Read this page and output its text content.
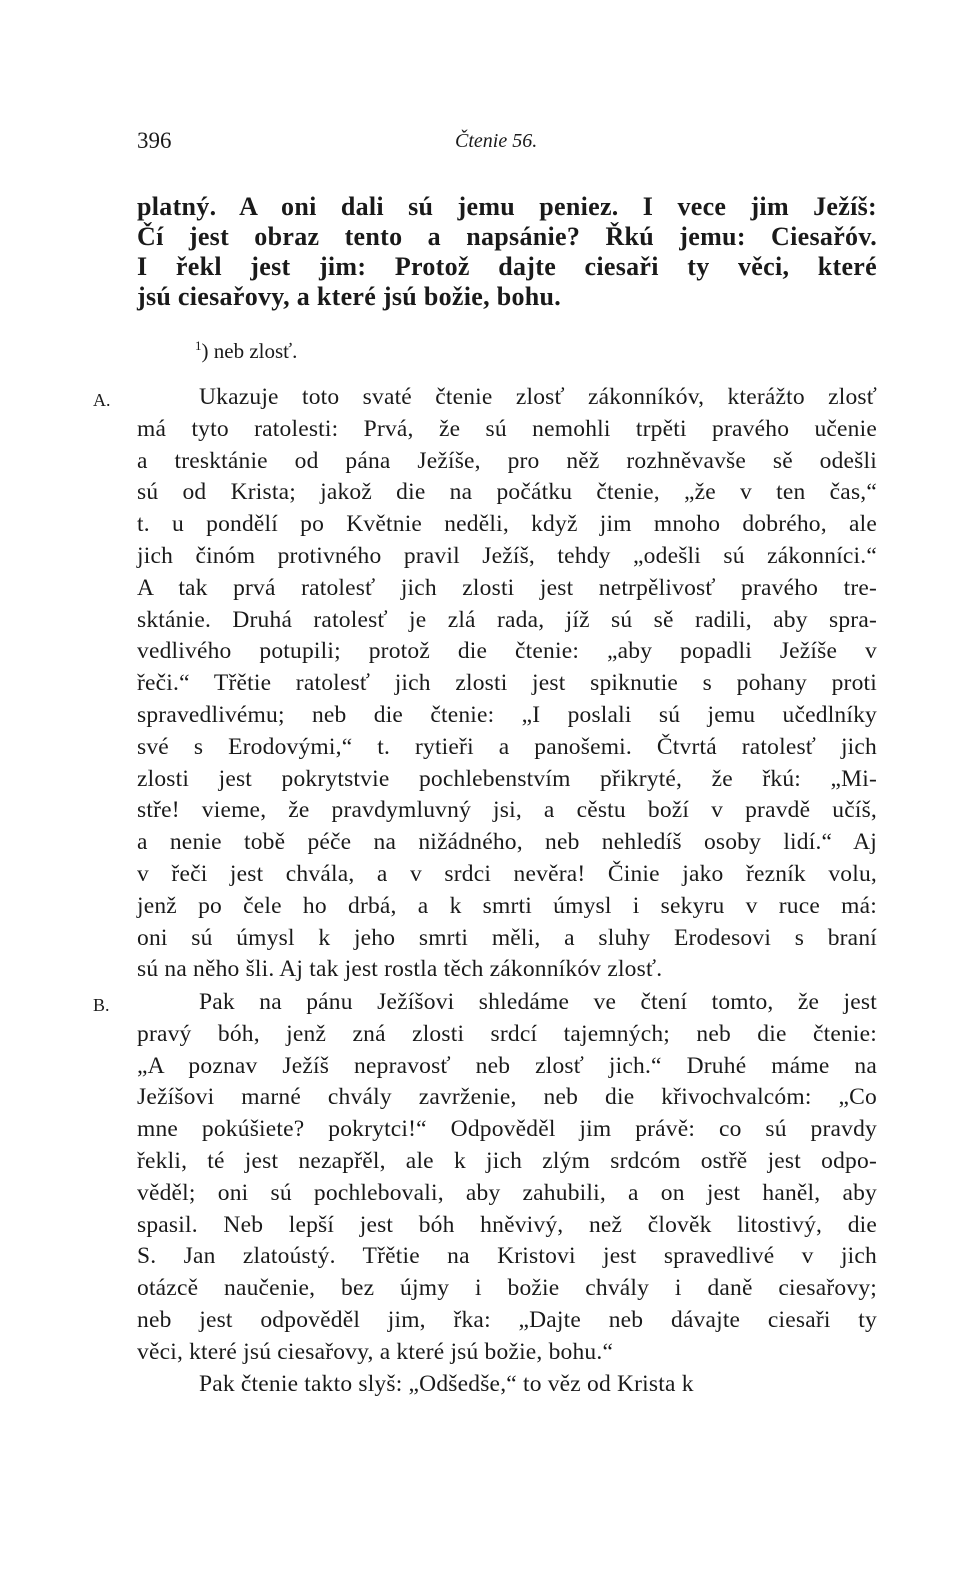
396	Čtenie 56.
platný. A oni dali sú jemu peniez. I vece jim Ježíš:
Čí jest obraz tento a napsánie? Řkú jemu: Ciesařóv.
I řekl jest jim: Protož dajte ciesaři ty věci, které
jsú ciesařovy, a které jsú božie, bohu.
$^1$) neb zlosť.
A.	Ukazuje toto svaté čtenie zlosť zákonníkóv, kterážto zlosť
má tyto ratolesti: Prvá, že sú nemohli trpěti pravého učenie
a tresktánie od pána Ježíše, pro něž rozhněvavše sě odešli
sú od Krista; jakož die na počátku čtenie, „že v ten čas,“
t. u pondělí po Květnie neděli, když jim mnoho dobrého, ale
jich činóm protivného pravil Ježíš, tehdy „odešli sú zákonníci.“
A tak prvá ratolesť jich zlosti jest netrpělivosť pravého tre-
sktánie. Druhá ratolesť je zlá rada, jíž sú sě radili, aby spra-
vedlivého potupili; protož die čtenie: „aby popadli Ježíše v
řeči.“ Třětie ratolesť jich zlosti jest spiknutie s pohany proti
spravedlivému; neb die čtenie: „I poslali sú jemu učedlníky
své s Erodovými,“ t. rytieři a panošemi. Čtvrtá ratolesť jich
zlosti jest pokrytstvie pochlebenstvím přikryté, že řkú: „Mi-
stře! vieme, že pravdymluvný jsi, a cěstu boží v pravdě učíš,
a nenie tobě péče na nižádného, neb nehledíš osoby lidí.“ Aj
v řeči jest chvála, a v srdci nevěra! Činie jako řezník volu,
jenž po čele ho drbá, a k smrti úmysl i sekyru v ruce má:
oni sú úmysl k jeho smrti měli, a sluhy Erodesovi s braní
sú na něho šli. Aj tak jest rostla těch zákonníkóv zlosť.
B.	Pak na pánu Ježíšovi shledáme ve čtení tomto, že jest
pravý bóh, jenž zná zlosti srdcí tajemných; neb die čtenie:
„A poznav Ježíš nepravosť neb zlosť jich.“ Druhé máme na
Ježíšovi marné chvály zavrženie, neb die křivochvalcóm: „Co
mne pokúšiete? pokrytci!“ Odpověděl jim právě: co sú pravdy
řekli, té jest nezapřěl, ale k jich zlým srdcóm ostřě jest odpo-
věděl; oni sú pochlebovali, aby zahubili, a on jest haněl, aby
spasil. Neb lepší jest bóh hněvivý, než člověk litostivý, die
S. Jan zlatoústý. Třětie na Kristovi jest spravedlivé v jich
otázcě naučenie, bez újmy i božie chvály i daně ciesařovy;
neb jest odpověděl jim, řka: „Dajte neb dávajte ciesaři ty
věci, které jsú ciesařovy, a které jsú božie, bohu.“
Pak čtenie takto slyš: „Odšedše,“ to věz od Krista k
